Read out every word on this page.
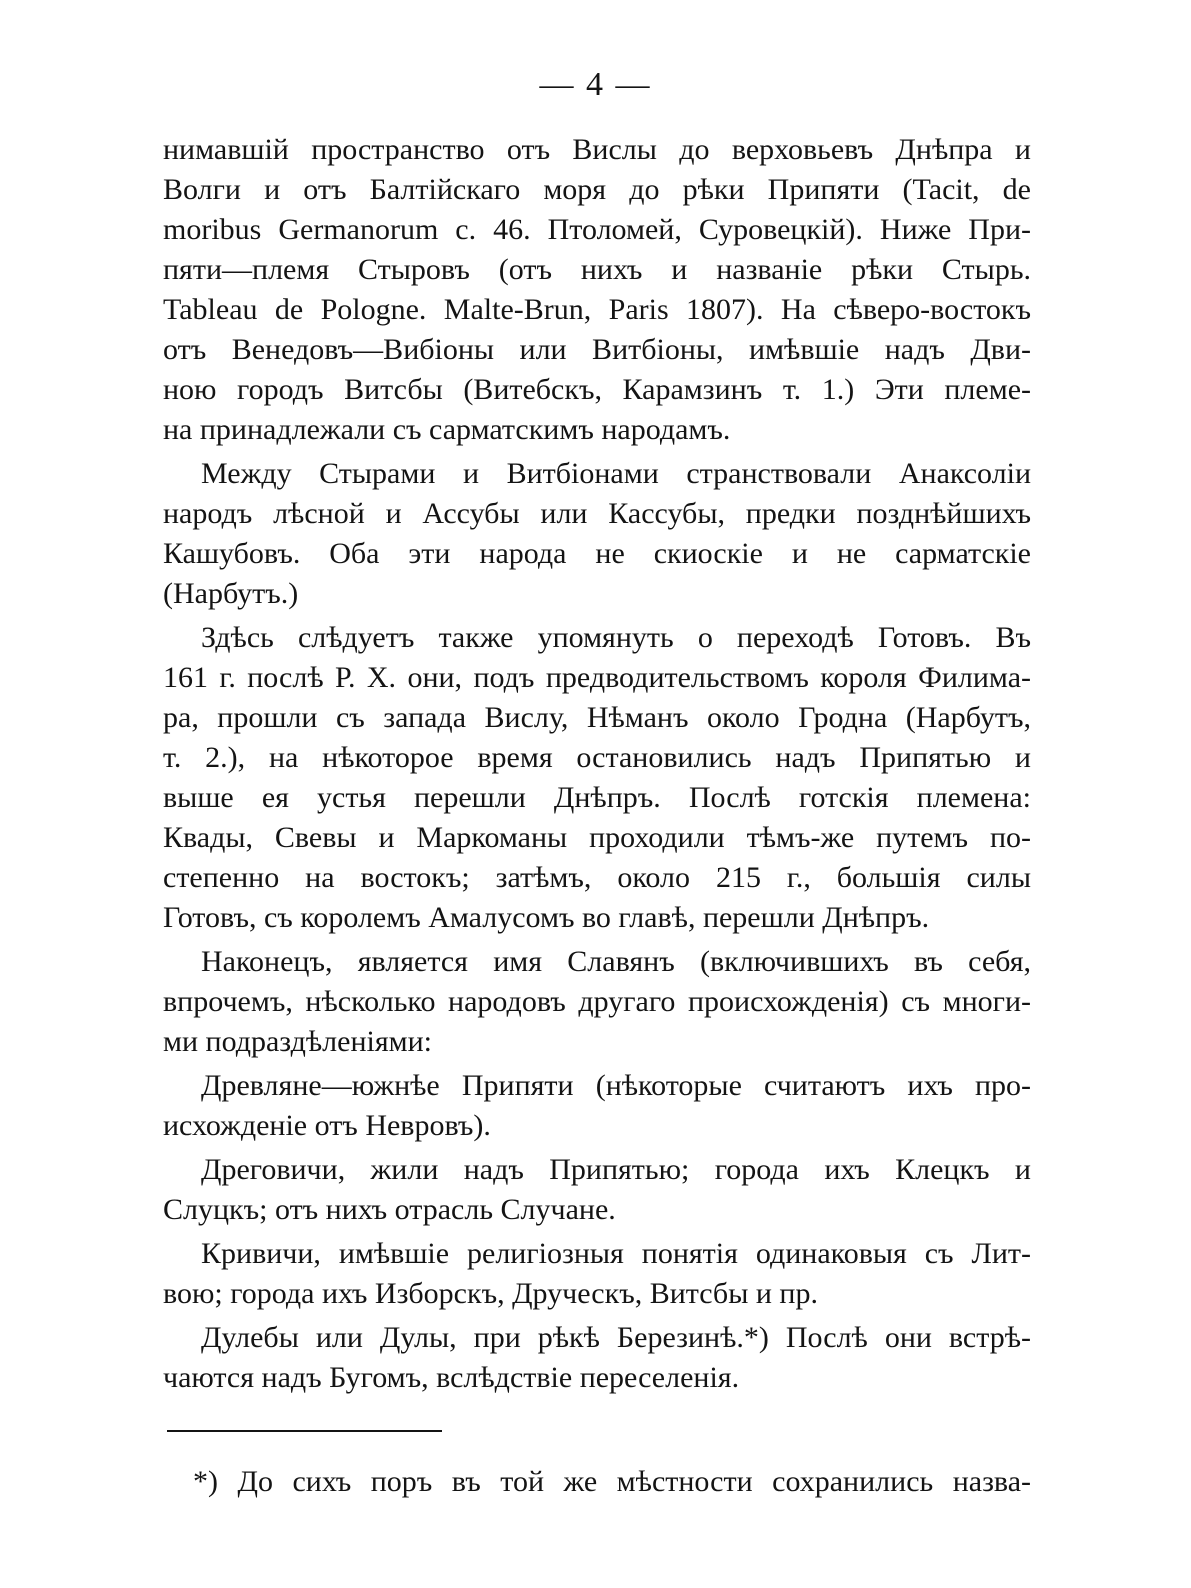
— 4 —
нимавшій пространство отъ Вислы до верховьевъ Днѣпра и
Волги и отъ Балтійскаго моря до рѣки Припяти (Tacit, de
moribus Germanorum c. 46. Птоломей, Суровецкій). Ниже При-
пяти—племя Стыровъ (отъ нихъ и названіе рѣки Стырь.
Tableau de Pologne. Malte-Brun, Paris 1807). На сѣверо-востокъ
отъ Венедовъ—Вибіоны или Витбіоны, имѣвшіе надъ Дви-
ною городъ Витсбы (Витебскъ, Карамзинъ т. 1.) Эти племе-
на принадлежали съ сарматскимъ народамъ.
Между Стырами и Витбіонами странствовали Анаксоліи
народъ лѣсной и Ассубы или Кассубы, предки позднѣйшихъ
Кашубовъ. Оба эти народа не скиоскіе и не сарматскіе
(Нарбутъ.)
Здѣсь слѣдуетъ также упомянуть о переходѣ Готовъ. Въ
161 г. послѣ Р. Х. они, подъ предводительствомъ короля Филима-
ра, прошли съ запада Вислу, Нѣманъ около Гродна (Нарбутъ,
т. 2.), на нѣкоторое время остановились надъ Припятью и
выше ея устья перешли Днѣпръ. Послѣ готскія племена:
Квады, Свевы и Маркоманы проходили тѣмъ-же путемъ по-
степенно на востокъ; затѣмъ, около 215 г., большія силы
Готовъ, съ королемъ Амалусомъ во главѣ, перешли Днѣпръ.
Наконецъ, является имя Славянъ (включившихъ въ себя,
впрочемъ, нѣсколько народовъ другаго происхожденія) съ многи-
ми подраздѣленіями:
Древляне—южнѣе Припяти (нѣкоторые считаютъ ихъ про-
исхожденіе отъ Невровъ).
Дреговичи, жили надъ Припятью; города ихъ Клецкъ и
Слуцкъ; отъ нихъ отрасль Случане.
Кривичи, имѣвшіе религіозныя понятія одинаковыя съ Лит-
вою; города ихъ Изборскъ, Друческъ, Витсбы и пр.
Дулебы или Дулы, при рѣкѣ Березинѣ.*) Послѣ они встрѣ-
чаются надъ Бугомъ, вслѣдствіе переселенія.
*) До сихъ поръ въ той же мѣстности сохранились назва-
